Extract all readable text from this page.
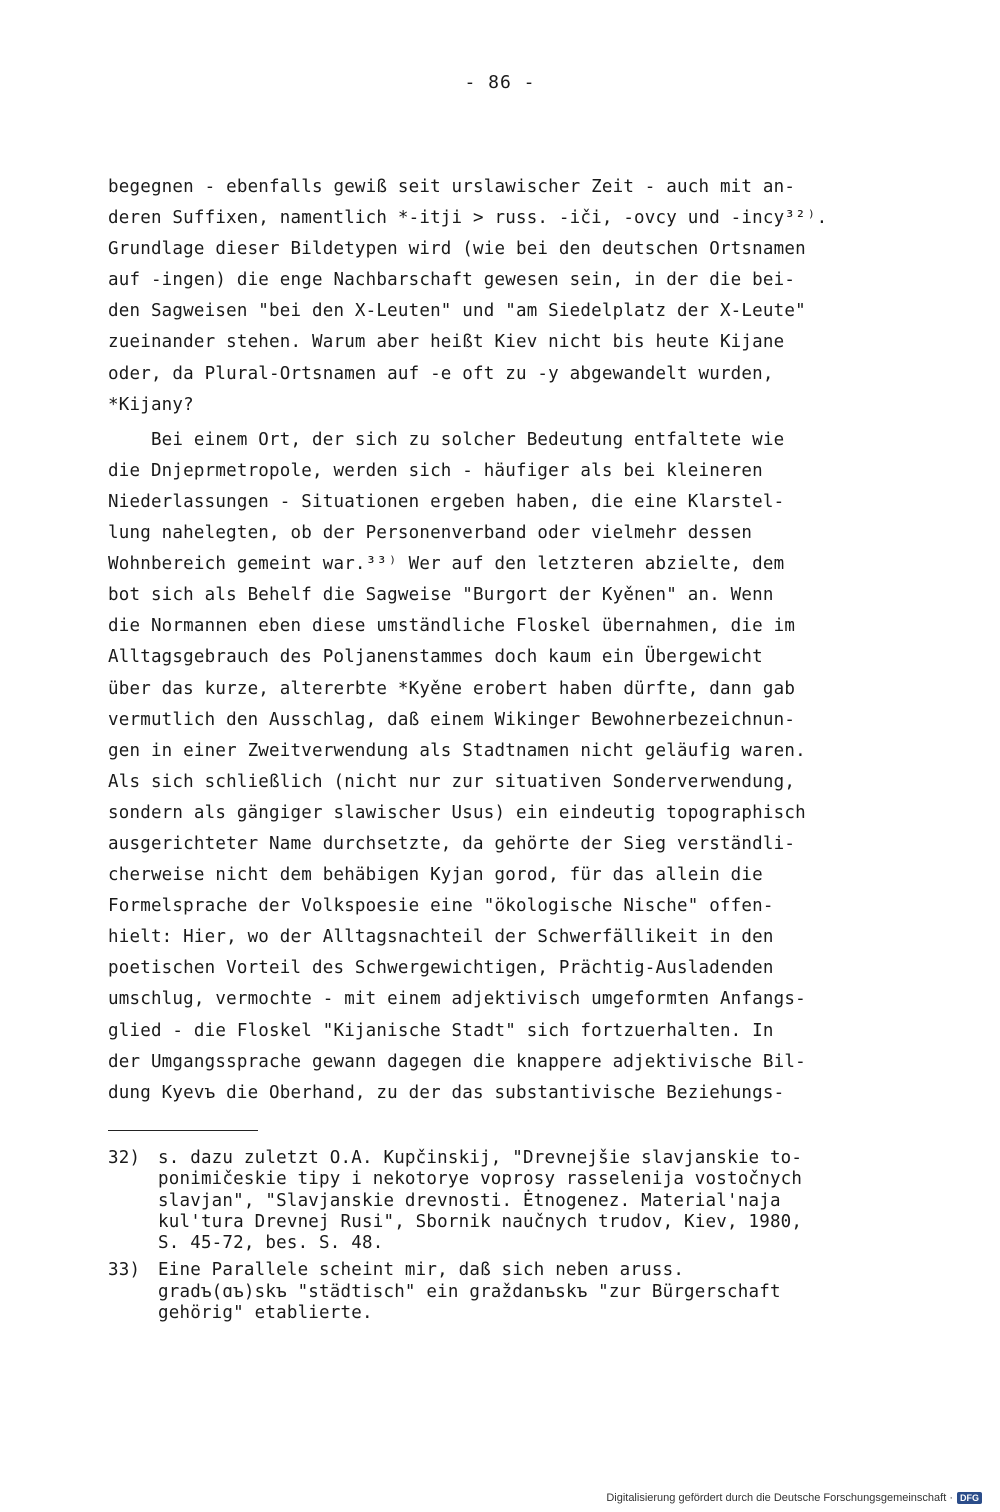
- 86 -
begegnen - ebenfalls gewiß seit urslawischer Zeit - auch mit an-
deren Suffixen, namentlich *-itji > russ. -iči, -ovcy und -incy³²⁾.
Grundlage dieser Bildetypen wird (wie bei den deutschen Ortsnamen
auf -ingen) die enge Nachbarschaft gewesen sein, in der die bei-
den Sagweisen "bei den X-Leuten" und "am Siedelplatz der X-Leute"
zueinander stehen. Warum aber heißt Kiev nicht bis heute Kijane
oder, da Plural-Ortsnamen auf -e oft zu -y abgewandelt wurden,
*Kijany?
Bei einem Ort, der sich zu solcher Bedeutung entfaltete wie
die Dnjeprmetropole, werden sich - häufiger als bei kleineren
Niederlassungen - Situationen ergeben haben, die eine Klarstel-
lung nahelegten, ob der Personenverband oder vielmehr dessen
Wohnbereich gemeint war.³³⁾ Wer auf den letzteren abzielte, dem
bot sich als Behelf die Sagweise "Burgort der Kyěnen" an. Wenn
die Normannen eben diese umständliche Floskel übernahmen, die im
Alltagsgebrauch des Poljanenstammes doch kaum ein Übergewicht
über das kurze, altererbte *Kyěne erobert haben dürfte, dann gab
vermutlich den Ausschlag, daß einem Wikinger Bewohnerbezeichnun-
gen in einer Zweitverwendung als Stadtnamen nicht geläufig waren.
Als sich schließlich (nicht nur zur situativen Sonderverwendung,
sondern als gängiger slawischer Usus) ein eindeutig topographisch
ausgerichteter Name durchsetzte, da gehörte der Sieg verständli-
cherweise nicht dem behäbigen Kyjan gorod, für das allein die
Formelsprache der Volkspoesie eine "ökologische Nische" offen-
hielt: Hier, wo der Alltagsnachteil der Schwerfällikeit in den
poetischen Vorteil des Schwergewichtigen, Prächtig-Ausladenden
umschlug, vermochte - mit einem adjektivisch umgeformten Anfangs-
glied - die Floskel "Kijanische Stadt" sich fortzuerhalten. In
der Umgangssprache gewann dagegen die knappere adjektivische Bil-
dung Kyevъ die Oberhand, zu der das substantivische Beziehungs-
32)	s. dazu zuletzt O.A. Kupčinskij, "Drevnejšie slavjanskie to-
ponimičeskie tipy i nekotorye voprosy rasselenija vostočnych
slavjan", "Slavjanskie drevnosti. Ėtnogenez. Material'naja
kul'tura Drevnej Rusi", Sbornik naučnych trudov, Kiev, 1980,
S. 45-72, bes. S. 48.
33)	Eine Parallele scheint mir, daß sich neben aruss.
gradъ(ɑъ)skъ "städtisch" ein graždanъskъ "zur Bürgerschaft
gehörig" etablierte.
Digitalisierung gefördert durch die Deutsche Forschungsgemeinschaft · DFG
